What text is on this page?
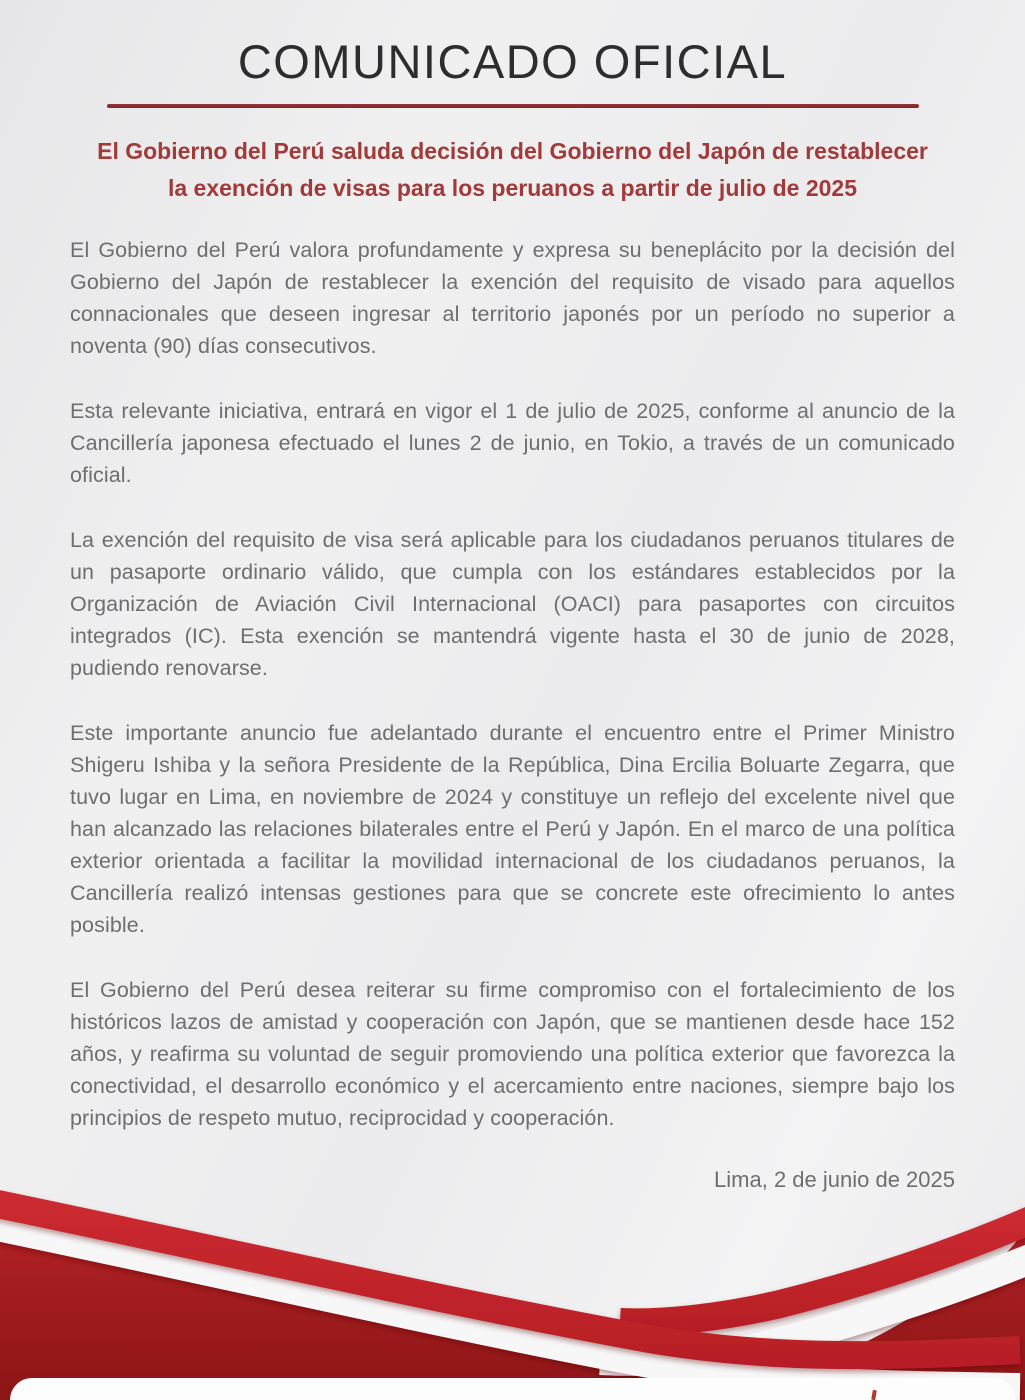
COMUNICADO OFICIAL
El Gobierno del Perú saluda decisión del Gobierno del Japón de restablecer
la exención de visas para los peruanos a partir de julio de 2025

El Gobierno del Perú valora profundamente y expresa su beneplácito por la decisión del Gobierno del Japón de restablecer la exención del requisito de visado para aquellos connacionales que deseen ingresar al territorio japonés por un período no superior a noventa (90) días consecutivos.

Esta relevante iniciativa, entrará en vigor el 1 de julio de 2025, conforme al anuncio de la Cancillería japonesa efectuado el lunes 2 de junio, en Tokio, a través de un comunicado oficial.

La exención del requisito de visa será aplicable para los ciudadanos peruanos titulares de un pasaporte ordinario válido, que cumpla con los estándares establecidos por la Organización de Aviación Civil Internacional (OACI) para pasaportes con circuitos integrados (IC). Esta exención se mantendrá vigente hasta el 30 de junio de 2028, pudiendo renovarse.

Este importante anuncio fue adelantado durante el encuentro entre el Primer Ministro Shigeru Ishiba y la señora Presidente de la República, Dina Ercilia Boluarte Zegarra, que tuvo lugar en Lima, en noviembre de 2024 y constituye un reflejo del excelente nivel que han alcanzado las relaciones bilaterales entre el Perú y Japón. En el marco de una política exterior orientada a facilitar la movilidad internacional de los ciudadanos peruanos, la Cancillería realizó intensas gestiones para que se concrete este ofrecimiento lo antes posible.

El Gobierno del Perú desea reiterar su firme compromiso con el fortalecimiento de los históricos lazos de amistad y cooperación con Japón, que se mantienen desde hace 152 años, y reafirma su voluntad de seguir promoviendo una política exterior que favorezca la conectividad, el desarrollo económico y el acercamiento entre naciones, siempre bajo los principios de respeto mutuo, reciprocidad y cooperación.

Lima, 2 de junio de 2025
